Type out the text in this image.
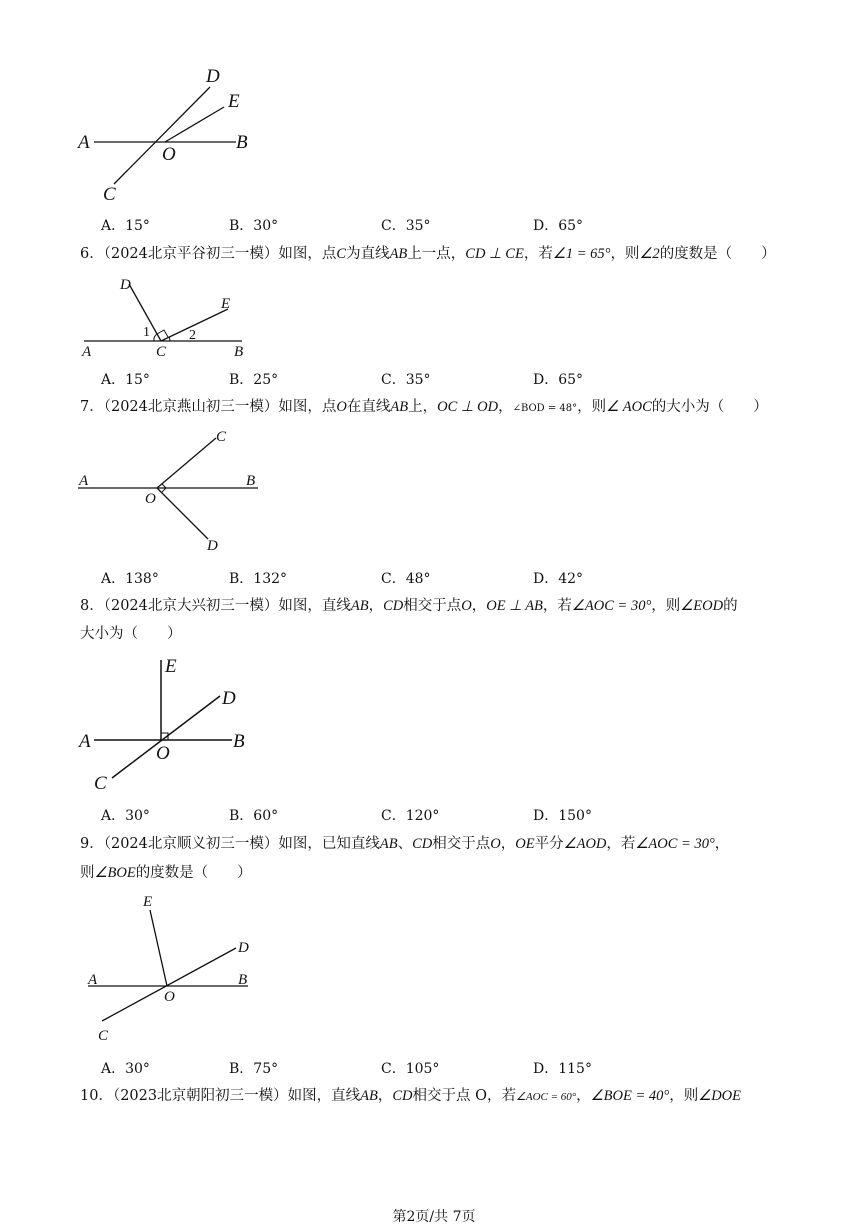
A	B
C
D
E
O
A．15°	B．30°	C．35°	D．65°
6．（2024北京平谷初三一模）如图，点C为直线AB上一点，CD ⊥ CE，若∠1 = 65°，则∠2的度数是（　　）
A	B
C
D
E
1	2
A．15°	B．25°	C．35°	D．65°
7．（2024北京燕山初三一模）如图，点O在直线AB上，OC ⊥ OD，∠BOD = 48°，则∠ AOC的大小为（　　）
A	B
C
D
O
A．138°	B．132°	C．48°	D．42°
8．（2024北京大兴初三一模）如图，直线AB，CD相交于点O，OE ⊥ AB，若∠AOC = 30°，则∠EOD的
大小为（　　）
A	B
C
D
E
O
A．30°	B．60°	C．120°	D．150°
9．（2024北京顺义初三一模）如图，已知直线AB、CD相交于点O，OE平分∠AOD，若∠AOC = 30°，
则∠BOE的度数是（　　）
A	B
C
D
E
O
A．30°	B．75°	C．105°	D．115°
10．（2023北京朝阳初三一模）如图，直线AB，CD相交于点 O，若∠AOC = 60°，∠BOE = 40°，则∠DOE
第2页/共 7页
